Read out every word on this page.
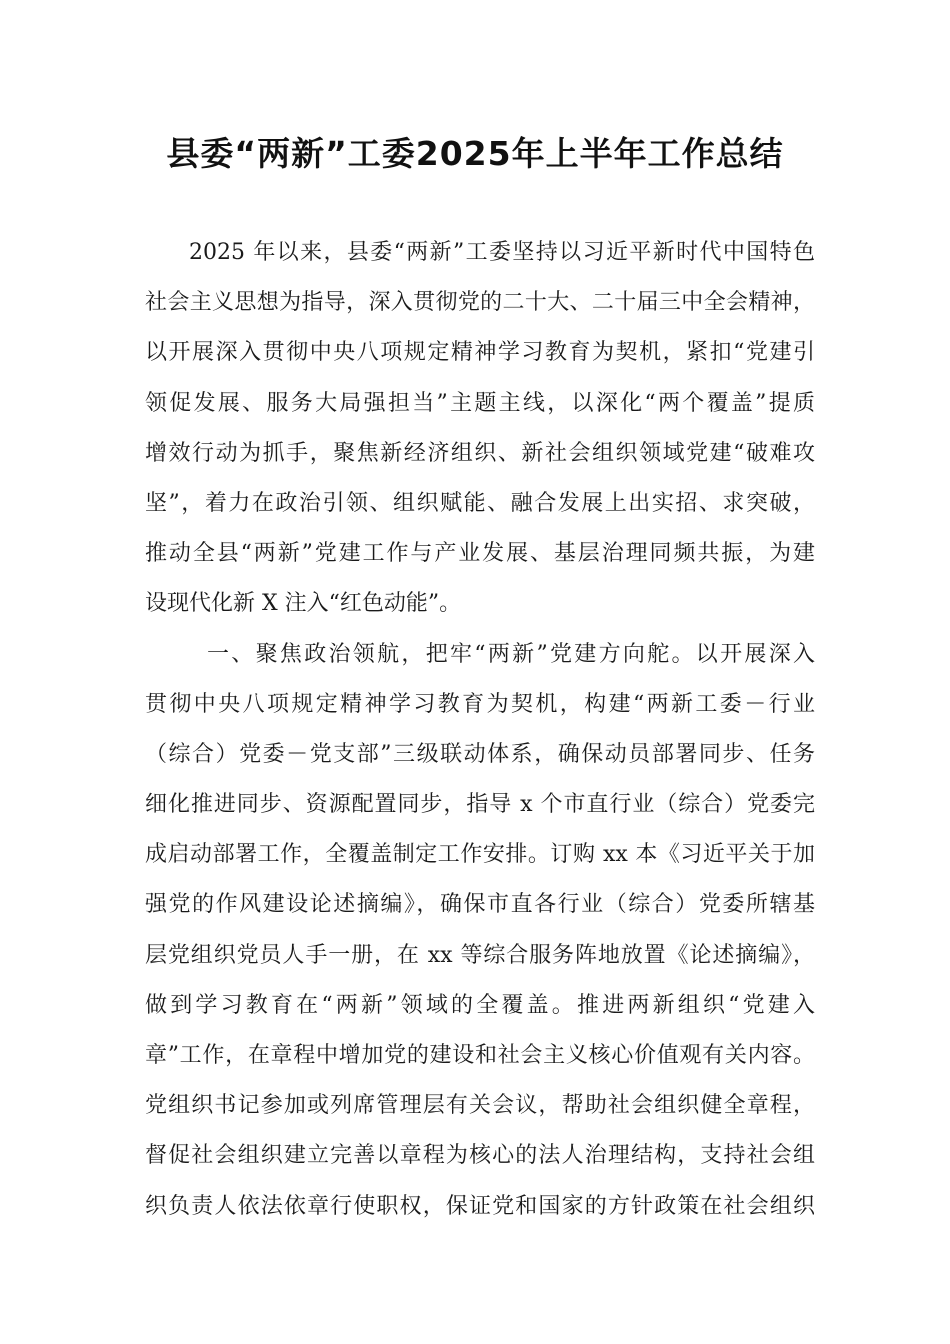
县委“两新”工委2025年上半年工作总结
2025 年以来，县委“两新”工委坚持以习近平新时代中国特色
社会主义思想为指导，深入贯彻党的二十大、二十届三中全会精神，
以开展深入贯彻中央八项规定精神学习教育为契机，紧扣“党建引
领促发展、服务大局强担当”主题主线，以深化“两个覆盖”提质
增效行动为抓手，聚焦新经济组织、新社会组织领域党建“破难攻
坚”，着力在政治引领、组织赋能、融合发展上出实招、求突破，
推动全县“两新”党建工作与产业发展、基层治理同频共振，为建
设现代化新 X 注入“红色动能”。
一、聚焦政治领航，把牢“两新”党建方向舵。以开展深入
贯彻中央八项规定精神学习教育为契机，构建“两新工委－行业
（综合）党委－党支部”三级联动体系，确保动员部署同步、任务
细化推进同步、资源配置同步，指导 x 个市直行业（综合）党委完
成启动部署工作，全覆盖制定工作安排。订购 xx 本《习近平关于加
强党的作风建设论述摘编》，确保市直各行业（综合）党委所辖基
层党组织党员人手一册，在 xx 等综合服务阵地放置《论述摘编》，
做到学习教育在“两新”领域的全覆盖。推进两新组织“党建入
章”工作，在章程中增加党的建设和社会主义核心价值观有关内容。
党组织书记参加或列席管理层有关会议，帮助社会组织健全章程，
督促社会组织建立完善以章程为核心的法人治理结构，支持社会组
织负责人依法依章行使职权，保证党和国家的方针政策在社会组织
